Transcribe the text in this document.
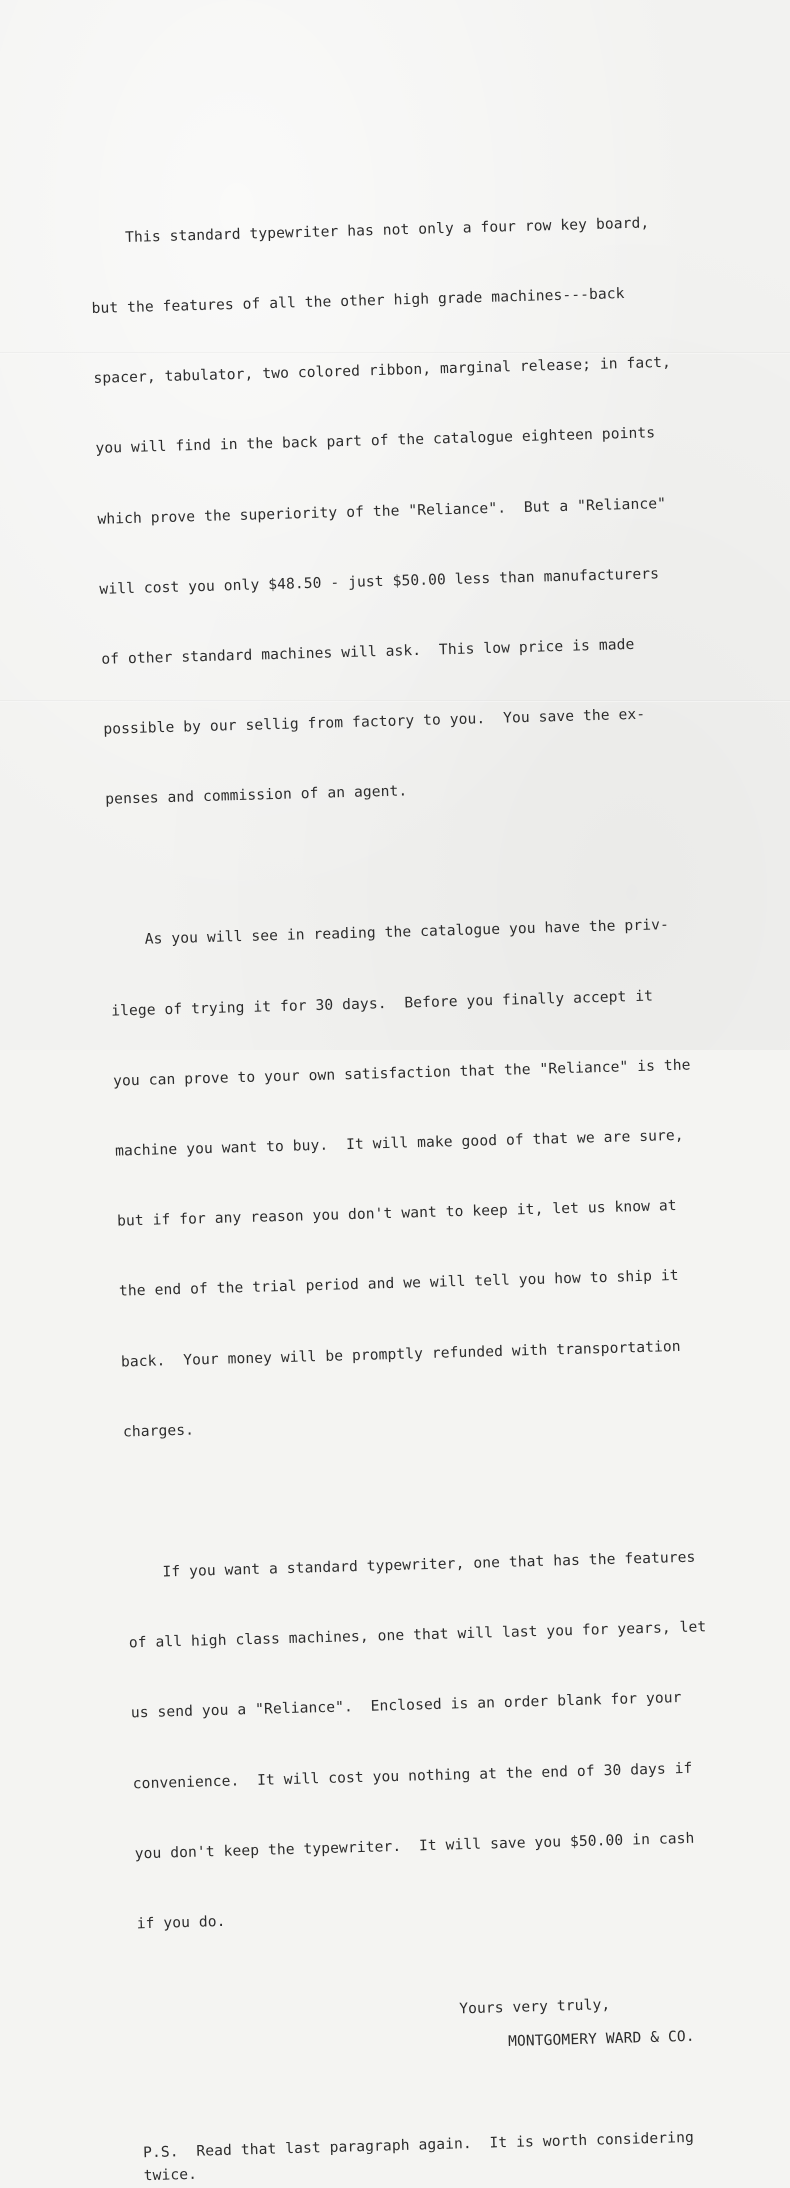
This standard typewriter has not only a four row key board,

but the features of all the other high grade machines---back

spacer, tabulator, two colored ribbon, marginal release; in fact,

you will find in the back part of the catalogue eighteen points

which prove the superiority of the "Reliance".  But a "Reliance"

will cost you only $48.50 - just $50.00 less than manufacturers

of other standard machines will ask.  This low price is made

possible by our sellig from factory to you.  You save the ex-

penses and commission of an agent.

As you will see in reading the catalogue you have the priv-

ilege of trying it for 30 days.  Before you finally accept it

you can prove to your own satisfaction that the "Reliance" is the

machine you want to buy.  It will make good of that we are sure,

but if for any reason you don't want to keep it, let us know at

the end of the trial period and we will tell you how to ship it

back.  Your money will be promptly refunded with transportation

charges.

If you want a standard typewriter, one that has the features

of all high class machines, one that will last you for years, let

us send you a "Reliance".  Enclosed is an order blank for your

convenience.  It will cost you nothing at the end of 30 days if

you don't keep the typewriter.  It will save you $50.00 in cash

if you do.

Yours very truly,
MONTGOMERY WARD & CO.
P.S.  Read that last paragraph again.  It is worth considering
twice.
